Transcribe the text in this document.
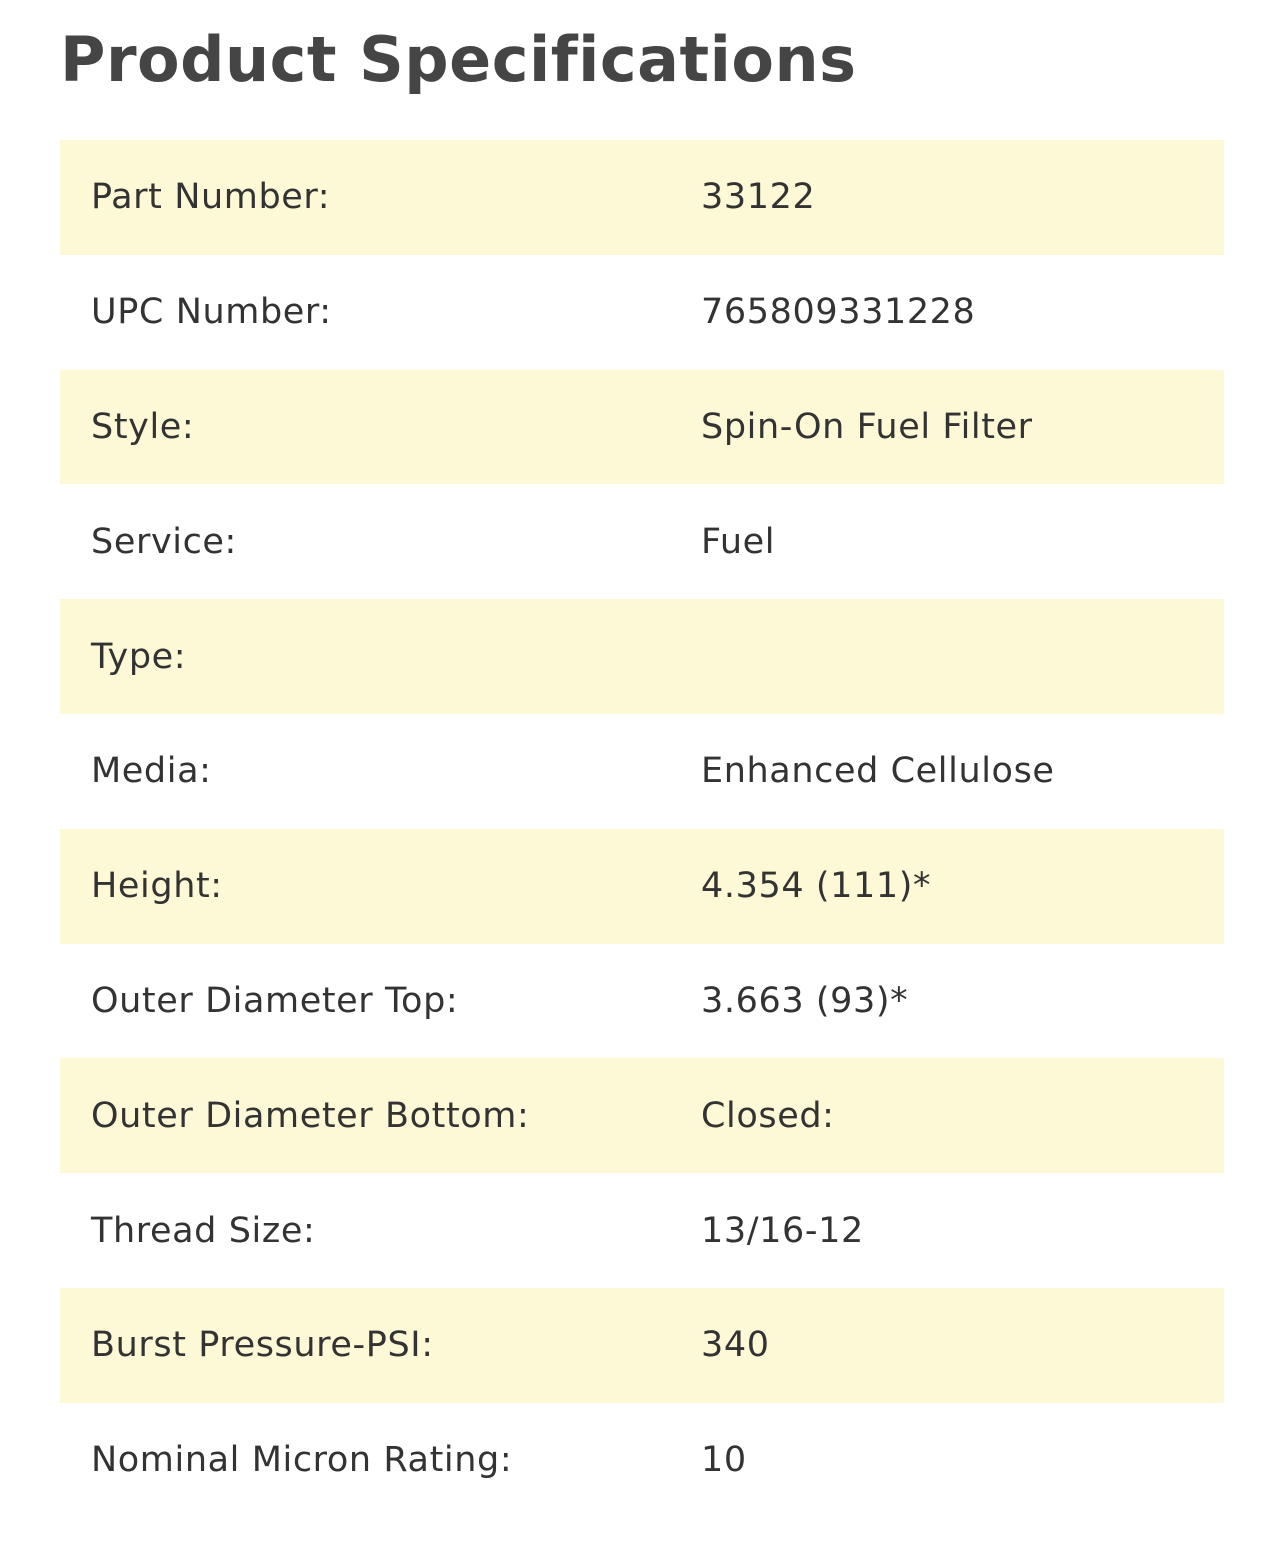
Product Specifications
Part Number:	33122
UPC Number:	765809331228
Style:	Spin-On Fuel Filter
Service:	Fuel
Type:	
Media:	Enhanced Cellulose
Height:	4.354 (111)*
Outer Diameter Top:	3.663 (93)*
Outer Diameter Bottom:	Closed:
Thread Size:	13/16-12
Burst Pressure-PSI:	340
Nominal Micron Rating:	10
